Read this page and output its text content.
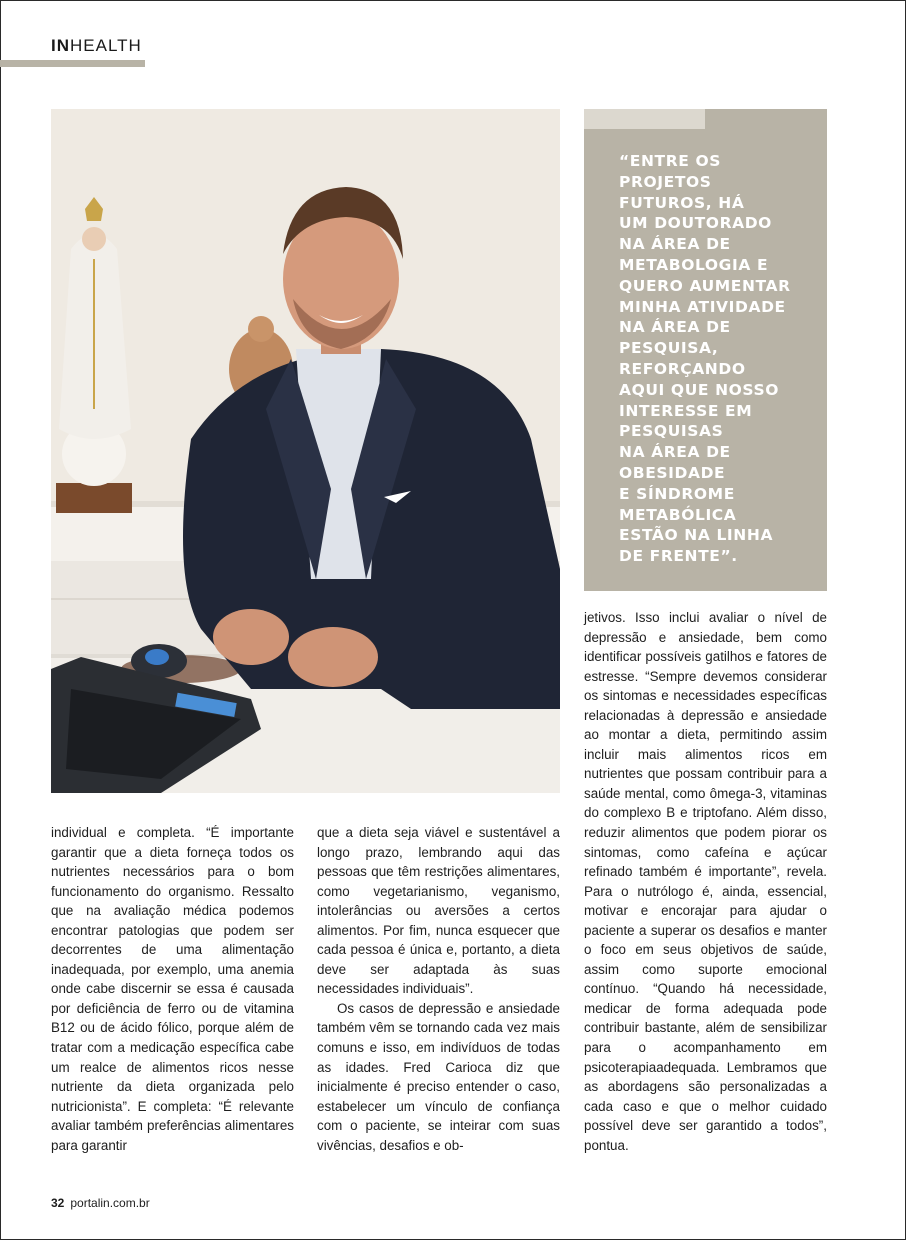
INHEALTH
“ENTRE OS
PROJETOS
FUTUROS, HÁ
UM DOUTORADO
NA ÁREA DE
METABOLOGIA E
QUERO AUMENTAR
MINHA ATIVIDADE
NA ÁREA DE
PESQUISA,
REFORÇANDO
AQUI QUE NOSSO
INTERESSE EM
PESQUISAS
NA ÁREA DE
OBESIDADE
E SÍNDROME
METABÓLICA
ESTÃO NA LINHA
DE FRENTE”.

individual e completa. “É importante garantir que a dieta forneça todos os nutrientes necessários para o bom funcionamento do organismo. Ressalto que na avaliação médica podemos encontrar patologias que podem ser decorrentes de uma alimentação inadequada, por exemplo, uma anemia onde cabe discernir se essa é causada por deficiência de ferro ou de vitamina B12 ou de ácido fólico, porque além de tratar com a medicação específica cabe um realce de alimentos ricos nesse nutriente da dieta organizada pelo nutricionista”. E completa: “É relevante avaliar também preferências alimentares para garantir

que a dieta seja viável e sustentável a longo prazo, lembrando aqui das pessoas que têm restrições alimentares, como vegetarianismo, veganismo, intolerâncias ou aversões a certos alimentos. Por fim, nunca esquecer que cada pessoa é única e, portanto, a dieta deve ser adaptada às suas necessidades individuais”.

Os casos de depressão e ansiedade também vêm se tornando cada vez mais comuns e isso, em indivíduos de todas as idades. Fred Carioca diz que inicialmente é preciso entender o caso, estabelecer um vínculo de confiança com o paciente, se inteirar com suas vivências, desafios e ob-

jetivos. Isso inclui avaliar o nível de depressão e ansiedade, bem como identificar possíveis gatilhos e fatores de estresse. “Sempre devemos considerar os sintomas e necessidades específicas relacionadas à depressão e ansiedade ao montar a dieta, permitindo assim incluir mais alimentos ricos em nutrientes que possam contribuir para a saúde mental, como ômega-3, vitaminas do complexo B e triptofano. Além disso, reduzir alimentos que podem piorar os sintomas, como cafeína e açúcar refinado também é importante”, revela. Para o nutrólogo é, ainda, essencial, motivar e encorajar para ajudar o paciente a superar os desafios e manter o foco em seus objetivos de saúde, assim como suporte emocional contínuo. “Quando há necessidade, medicar de forma adequada pode contribuir bastante, além de sensibilizar para o acompanhamento em psicoterapiaadequada. Lembramos que as abordagens são personalizadas a cada caso e que o melhor cuidado possível deve ser garantido a todos”, pontua.

32 portalin.com.br
